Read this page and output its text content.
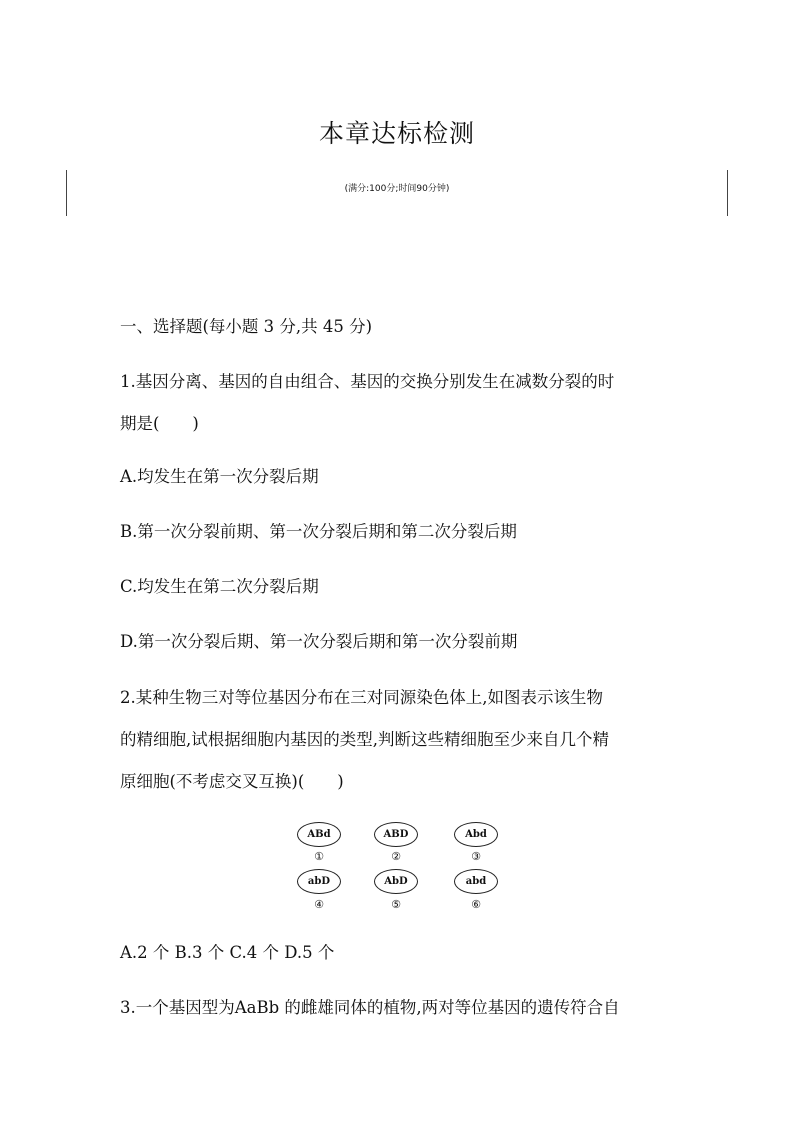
本章达标检测
(满分:100分;时间90分钟)

一、选择题(每小题 3 分,共 45 分)

1.基因分离、基因的自由组合、基因的交换分别发生在减数分裂的时

期是(　　)

A.均发生在第一次分裂后期

B.第一次分裂前期、第一次分裂后期和第二次分裂后期

C.均发生在第二次分裂后期

D.第一次分裂后期、第一次分裂后期和第一次分裂前期

2.某种生物三对等位基因分布在三对同源染色体上,如图表示该生物

的精细胞,试根据细胞内基因的类型,判断这些精细胞至少来自几个精

原细胞(不考虑交叉互换)(　　)

ABd
①
ABD
②
Abd
③
abD
④
AbD
⑤
abd
⑥

A.2 个 B.3 个 C.4 个 D.5 个

3.一个基因型为AaBb 的雌雄同体的植物,两对等位基因的遗传符合自
